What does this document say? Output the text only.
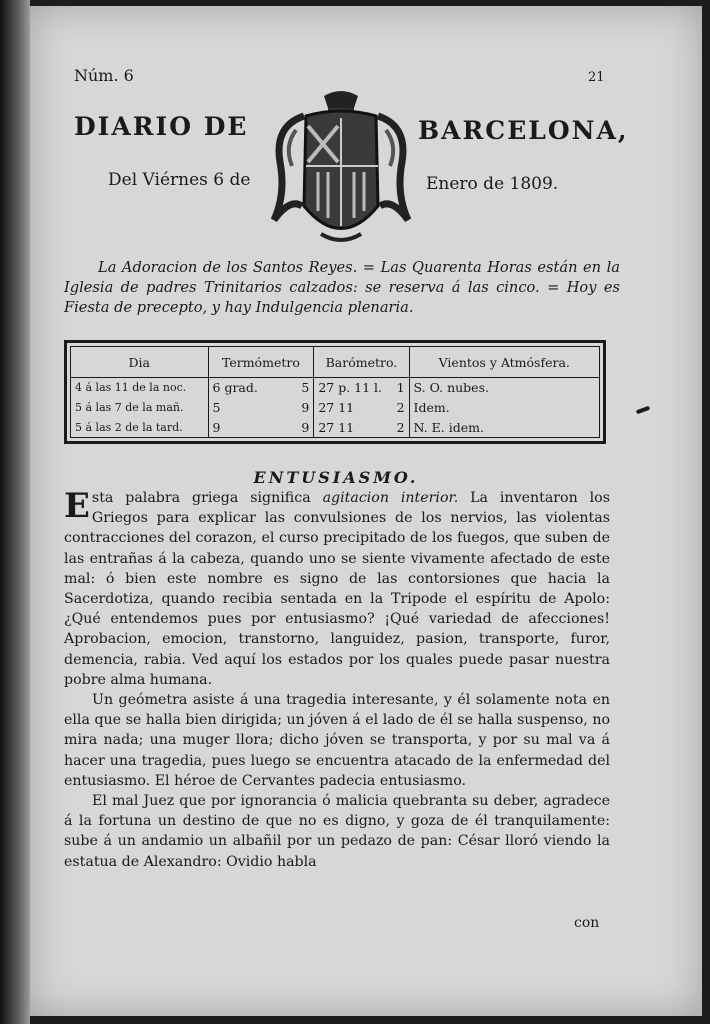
Núm. 6	21
DIARIO DE	BARCELONA,
Del Viérnes 6 de	Enero de 1809.

La Adoracion de los Santos Reyes. = Las Quarenta Horas están en la Iglesia de padres Trinitarios calzados: se reserva á las cinco. = Hoy es Fiesta de precepto, y hay Indulgencia plenaria.

Dia	Termómetro	Barómetro.	Vientos y Atmósfera.
4 á las 11 de la noc.	6 grad. 5	27 p. 11 l. 1	S. O. nubes.
5 á las 7 de la mañ.	5 9	27 11 2	Idem.
5 á las 2 de la tard.	9 9	27 11 2	N. E. idem.
ENTUSIASMO.

Esta palabra griega significa agitacion interior. La inventaron los Griegos para explicar las convulsiones de los nervios, las violentas contracciones del corazon, el curso precipitado de los fuegos, que suben de las entrañas á la cabeza, quando uno se siente vivamente afectado de este mal: ó bien este nombre es signo de las contorsiones que hacia la Sacerdotiza, quando recibia sentada en la Tripode el espíritu de Apolo: ¿Qué entendemos pues por entusiasmo? ¡Qué variedad de afecciones! Aprobacion, emocion, transtorno, languidez, pasion, transporte, furor, demencia, rabia. Ved aquí los estados por los quales puede pasar nuestra pobre alma humana.

Un geómetra asiste á una tragedia interesante, y él solamente nota en ella que se halla bien dirigida; un jóven á el lado de él se halla suspenso, no mira nada; una muger llora; dicho jóven se transporta, y por su mal va á hacer una tragedia, pues luego se encuentra atacado de la enfermedad del entusiasmo. El héroe de Cervantes padecia entusiasmo.

El mal Juez que por ignorancia ó malicia quebranta su deber, agradece á la fortuna un destino de que no es digno, y goza de él tranquilamente: sube á un andamio un albañil por un pedazo de pan: César lloró viendo la estatua de Alexandro: Ovidio habla

con
